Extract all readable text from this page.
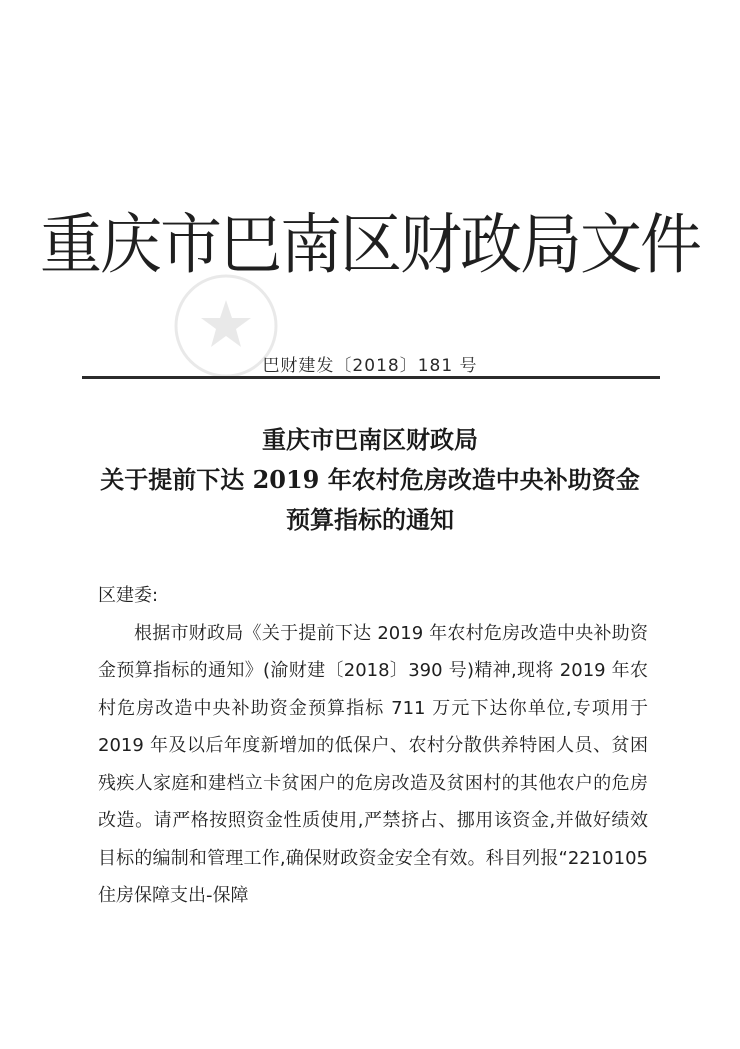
重庆市巴南区财政局文件
巴财建发〔2018〕181 号
重庆市巴南区财政局
关于提前下达 2019 年农村危房改造中央补助资金
预算指标的通知

区建委:

根据市财政局《关于提前下达 2019 年农村危房改造中央补助资金预算指标的通知》(渝财建〔2018〕390 号)精神,现将 2019 年农村危房改造中央补助资金预算指标 711 万元下达你单位,专项用于 2019 年及以后年度新增加的低保户、农村分散供养特困人员、贫困残疾人家庭和建档立卡贫困户的危房改造及贫困村的其他农户的危房改造。请严格按照资金性质使用,严禁挤占、挪用该资金,并做好绩效目标的编制和管理工作,确保财政资金安全有效。科目列报“2210105 住房保障支出-保障
